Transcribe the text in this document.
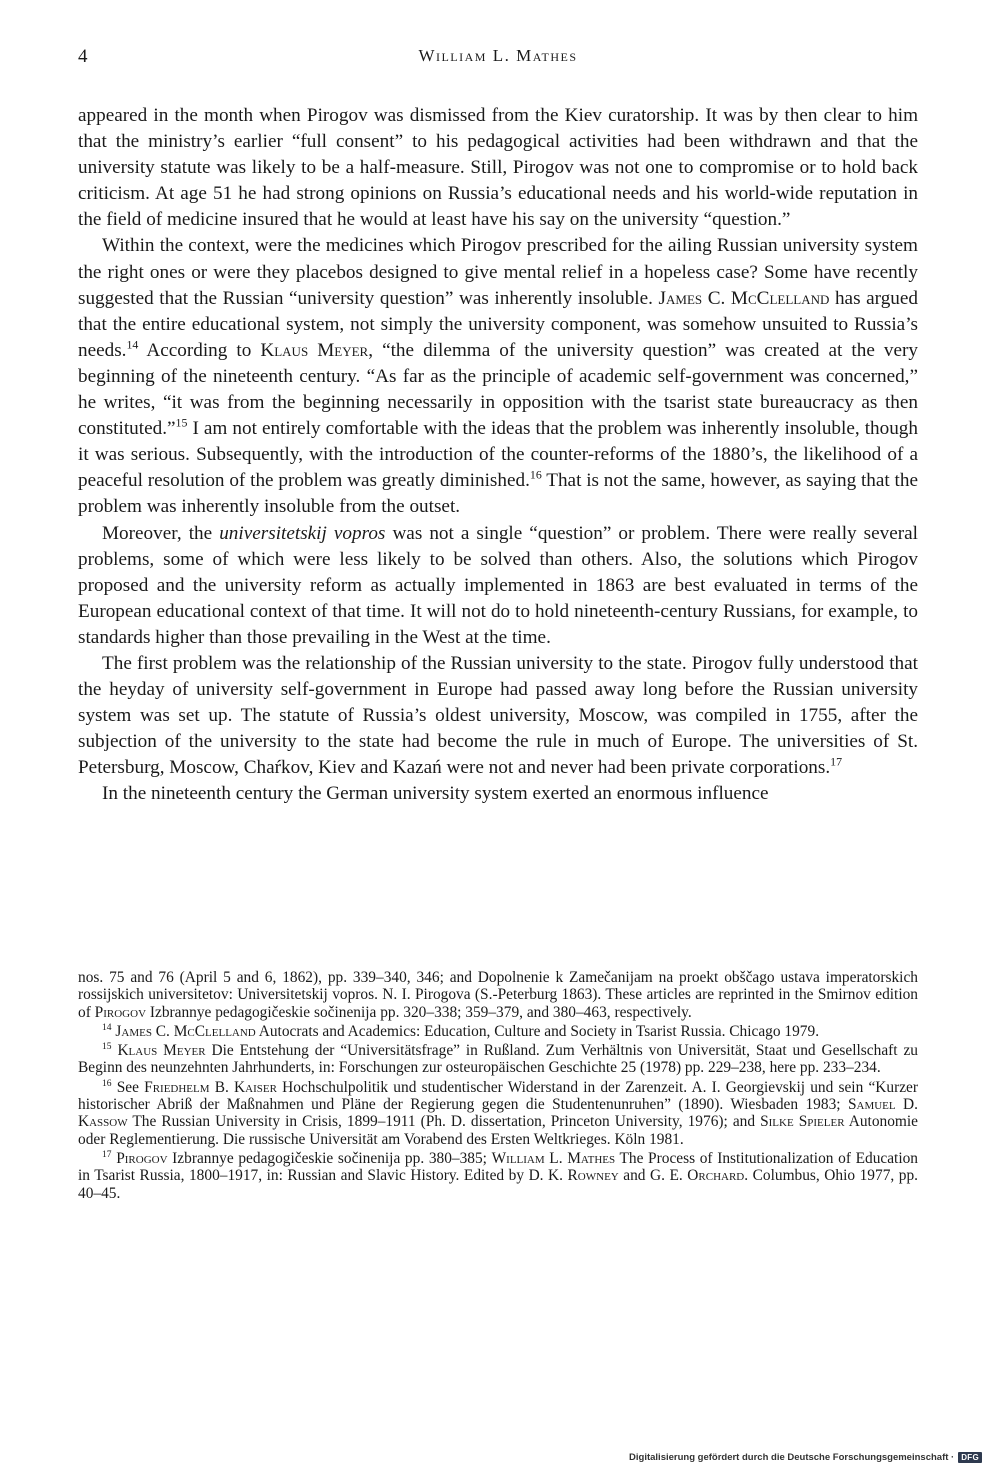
4	William L. Mathes

appeared in the month when Pirogov was dismissed from the Kiev curatorship. It was by then clear to him that the ministry’s earlier “full consent” to his pedagogical activities had been withdrawn and that the university statute was likely to be a half-measure. Still, Pirogov was not one to compromise or to hold back criticism. At age 51 he had strong opinions on Russia’s educational needs and his world-wide reputation in the field of medicine insured that he would at least have his say on the university “question.”

Within the context, were the medicines which Pirogov prescribed for the ailing Russian university system the right ones or were they placebos designed to give mental relief in a hopeless case? Some have recently suggested that the Russian “university question” was inherently insoluble. James C. McClelland has argued that the entire educational system, not simply the university component, was somehow unsuited to Russia’s needs.$^{14}$ According to Klaus Meyer, “the dilemma of the university question” was created at the very beginning of the nineteenth century. “As far as the principle of academic self-government was concerned,” he writes, “it was from the beginning necessarily in opposition with the tsarist state bureaucracy as then constituted.”$^{15}$ I am not entirely comfortable with the ideas that the problem was inherently insoluble, though it was serious. Subsequently, with the introduction of the counter-reforms of the 1880’s, the likelihood of a peaceful resolution of the problem was greatly diminished.$^{16}$ That is not the same, however, as saying that the problem was inherently insoluble from the outset.

Moreover, the universitetskij vopros was not a single “question” or problem. There were really several problems, some of which were less likely to be solved than others. Also, the solutions which Pirogov proposed and the university reform as actually implemented in 1863 are best evaluated in terms of the European educational context of that time. It will not do to hold nineteenth-century Russians, for example, to standards higher than those prevailing in the West at the time.

The first problem was the relationship of the Russian university to the state. Pirogov fully understood that the heyday of university self-government in Europe had passed away long before the Russian university system was set up. The statute of Russia’s oldest university, Moscow, was compiled in 1755, after the subjection of the university to the state had become the rule in much of Europe. The universities of St. Petersburg, Moscow, Chaŕkov, Kiev and Kazań were not and never had been private corporations.$^{17}$

In the nineteenth century the German university system exerted an enormous influence

nos. 75 and 76 (April 5 and 6, 1862), pp. 339–340, 346; and Dopolnenie k Zamečanijam na proekt obščago ustava imperatorskich rossijskich universitetov: Universitetskij vopros. N. I. Pirogova (S.-Peterburg 1863). These articles are reprinted in the Smirnov edition of Pirogov Izbrannye pedagogičeskie sočinenija pp. 320–338; 359–379, and 380–463, respectively.

$^{14}$ James C. McClelland Autocrats and Academics: Education, Culture and Society in Tsarist Russia. Chicago 1979.

$^{15}$ Klaus Meyer Die Entstehung der “Universitätsfrage” in Rußland. Zum Verhältnis von Universität, Staat und Gesellschaft zu Beginn des neunzehnten Jahrhunderts, in: Forschungen zur osteuropäischen Geschichte 25 (1978) pp. 229–238, here pp. 233–234.

$^{16}$ See Friedhelm B. Kaiser Hochschulpolitik und studentischer Widerstand in der Zarenzeit. A. I. Georgievskij und sein “Kurzer historischer Abriß der Maßnahmen und Pläne der Regierung gegen die Studentenunruhen” (1890). Wiesbaden 1983; Samuel D. Kassow The Russian University in Crisis, 1899–1911 (Ph. D. dissertation, Princeton University, 1976); and Silke Spieler Autonomie oder Reglementierung. Die russische Universität am Vorabend des Ersten Weltkrieges. Köln 1981.

$^{17}$ Pirogov Izbrannye pedagogičeskie sočinenija pp. 380–385; William L. Mathes The Process of Institutionalization of Education in Tsarist Russia, 1800–1917, in: Russian and Slavic History. Edited by D. K. Rowney and G. E. Orchard. Columbus, Ohio 1977, pp. 40–45.

Digitalisierung gefördert durch die Deutsche Forschungsgemeinschaft · DFG
